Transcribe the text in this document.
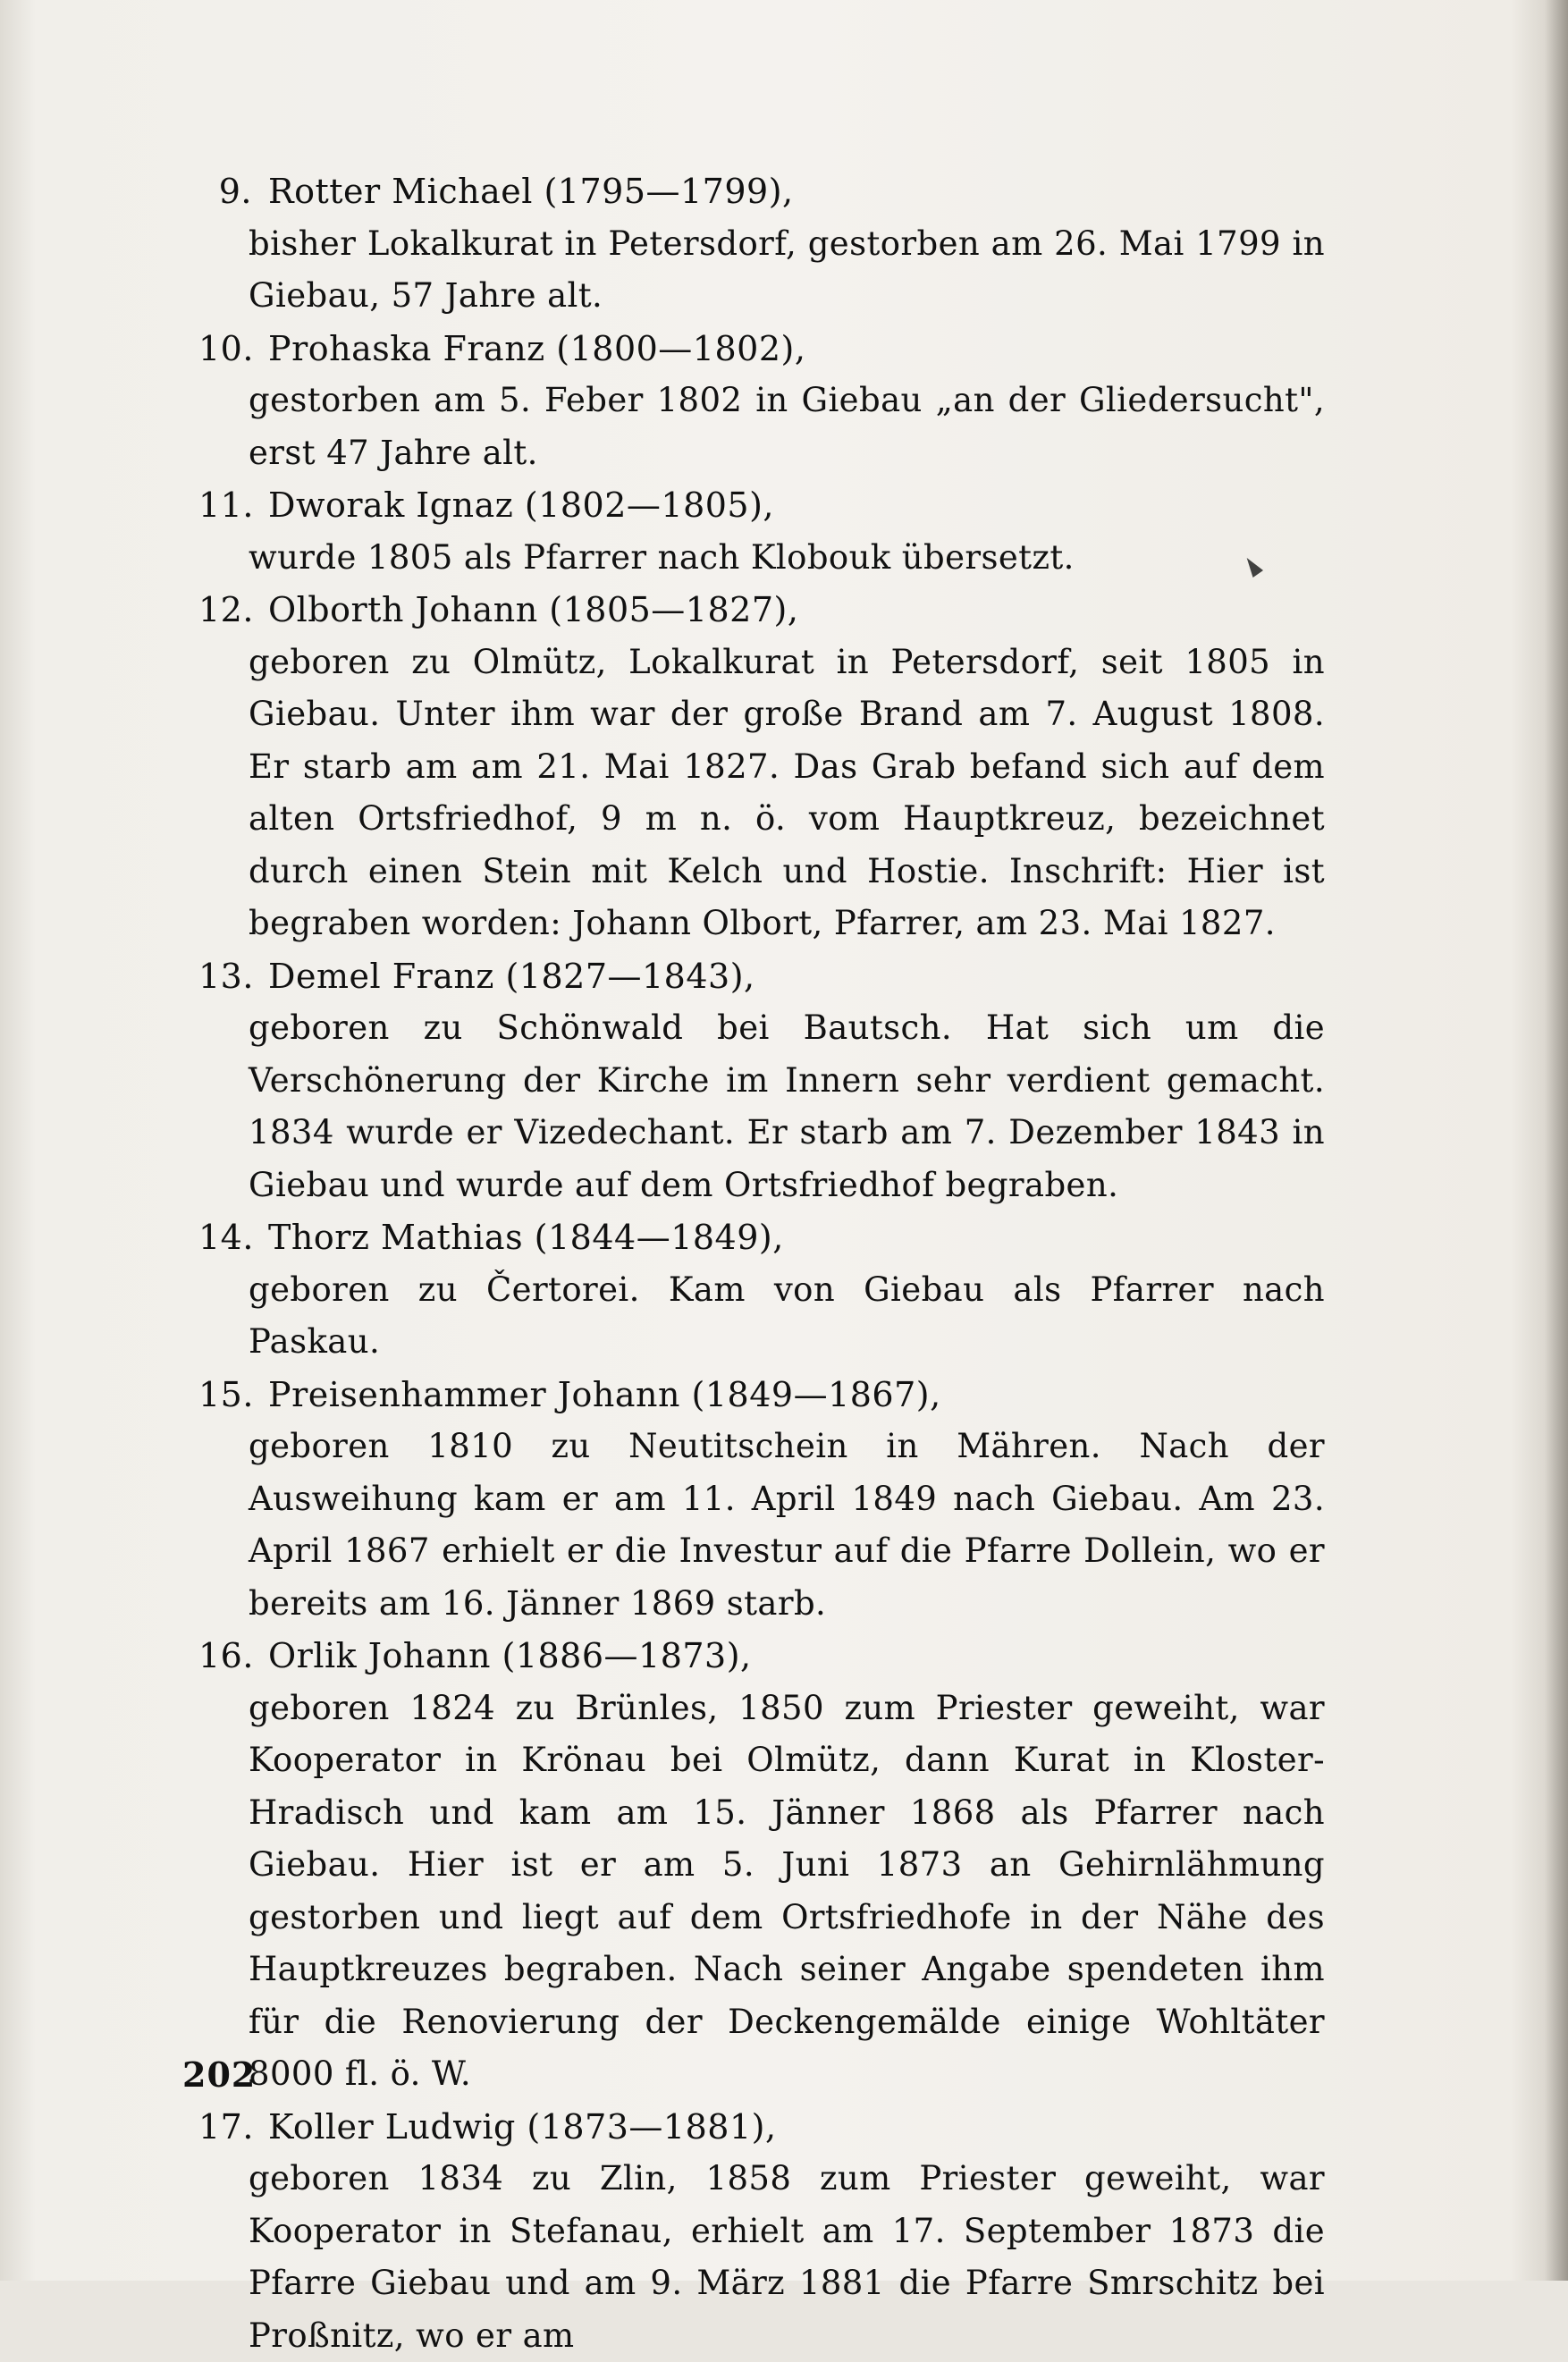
9. Rotter Michael (1795—1799),
bisher Lokalkurat in Petersdorf, gestorben am 26. Mai 1799 in Giebau, 57 Jahre alt.
10. Prohaska Franz (1800—1802),
gestorben am 5. Feber 1802 in Giebau „an der Gliedersucht", erst 47 Jahre alt.
11. Dworak Ignaz (1802—1805),
wurde 1805 als Pfarrer nach Klobouk übersetzt.
12. Olborth Johann (1805—1827),
geboren zu Olmütz, Lokalkurat in Petersdorf, seit 1805 in Giebau. Unter ihm war der große Brand am 7. August 1808. Er starb am am 21. Mai 1827. Das Grab befand sich auf dem alten Ortsfriedhof, 9 m n. ö. vom Hauptkreuz, bezeichnet durch einen Stein mit Kelch und Hostie. Inschrift: Hier ist begraben worden: Johann Olbort, Pfarrer, am 23. Mai 1827.
13. Demel Franz (1827—1843),
geboren zu Schönwald bei Bautsch. Hat sich um die Verschönerung der Kirche im Innern sehr verdient gemacht. 1834 wurde er Vizedechant. Er starb am 7. Dezember 1843 in Giebau und wurde auf dem Ortsfriedhof begraben.
14. Thorz Mathias (1844—1849),
geboren zu Čertorei. Kam von Giebau als Pfarrer nach Paskau.
15. Preisenhammer Johann (1849—1867),
geboren 1810 zu Neutitschein in Mähren. Nach der Ausweihung kam er am 11. April 1849 nach Giebau. Am 23. April 1867 erhielt er die Investur auf die Pfarre Dollein, wo er bereits am 16. Jänner 1869 starb.
16. Orlik Johann (1886—1873),
geboren 1824 zu Brünles, 1850 zum Priester geweiht, war Kooperator in Krönau bei Olmütz, dann Kurat in Kloster-Hradisch und kam am 15. Jänner 1868 als Pfarrer nach Giebau. Hier ist er am 5. Juni 1873 an Gehirnlähmung gestorben und liegt auf dem Ortsfriedhofe in der Nähe des Hauptkreuzes begraben. Nach seiner Angabe spendeten ihm für die Renovierung der Deckengemälde einige Wohltäter 8000 fl. ö. W.
17. Koller Ludwig (1873—1881),
geboren 1834 zu Zlin, 1858 zum Priester geweiht, war Kooperator in Stefanau, erhielt am 17. September 1873 die Pfarre Giebau und am 9. März 1881 die Pfarre Smrschitz bei Proßnitz, wo er am
202
